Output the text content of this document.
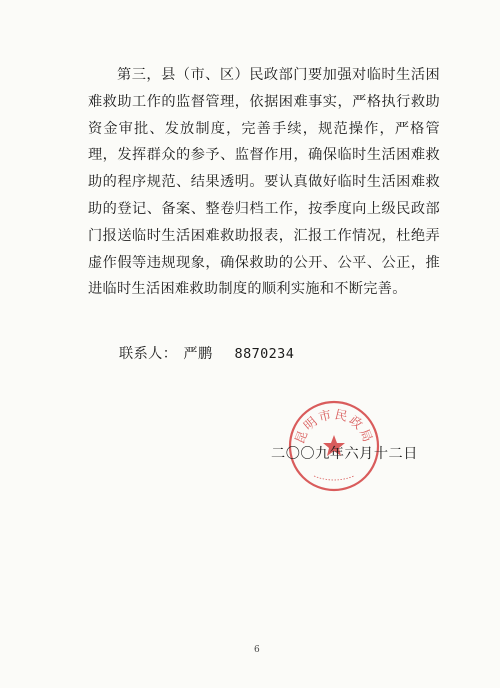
第三，县（市、区）民政部门要加强对临时生活困难救助工作的监督管理，依据困难事实，严格执行救助资金审批、发放制度，完善手续，规范操作，严格管理，发挥群众的参予、监督作用，确保临时生活困难救助的程序规范、结果透明。要认真做好临时生活困难救助的登记、备案、整卷归档工作，按季度向上级民政部门报送临时生活困难救助报表，汇报工作情况，杜绝弄虚作假等违规现象，确保救助的公开、公平、公正，推进临时生活困难救助制度的顺利实施和不断完善。

联系人： 严鹏 8870234
昆明市民政局
二〇〇九年六月十二日
6
